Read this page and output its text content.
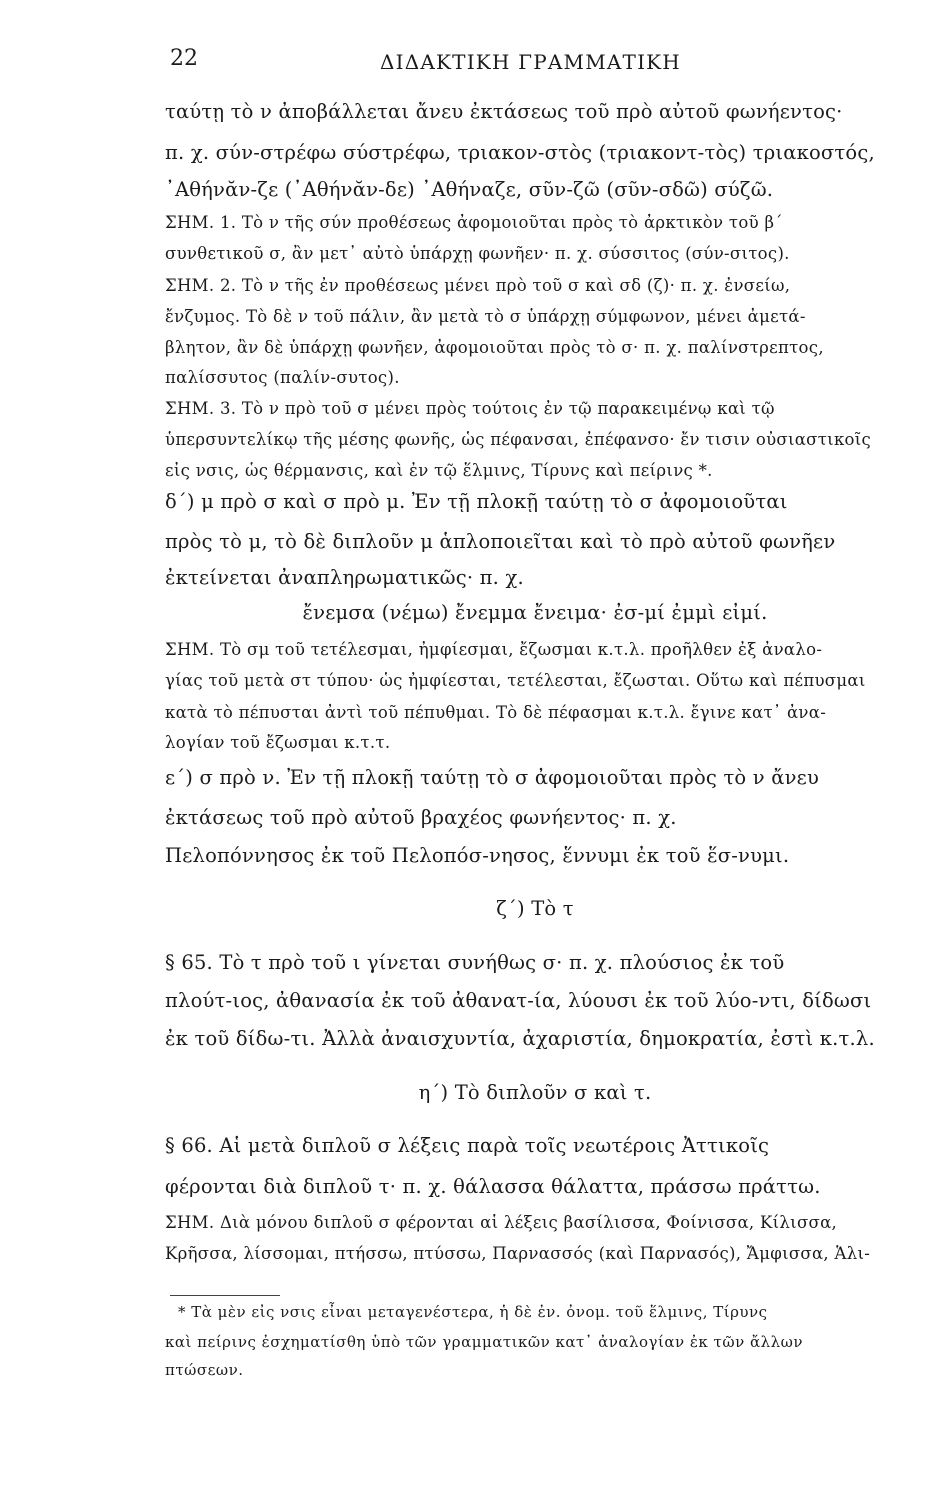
22	ΔΙΔΑΚΤΙΚΗ ΓΡΑΜΜΑΤΙΚΗ
ταύτῃ τὸ ν ἀποβάλλεται ἄνευ ἐκτάσεως τοῦ πρὸ αὐτοῦ φωνήεντος·
π. χ. σύν-στρέφω σύστρέφω, τριακον-στὸς (τριακοντ-τὸς) τριακοστός,
᾿Αθήνᾰν-ζε (᾿Αθήνᾰν-δε) ᾿Αθήναζε, σῦν-ζῶ (σῦν-σδῶ) σύζῶ.
ΣΗΜ. 1. Τὸ ν τῆς σύν προθέσεως ἀφομοιοῦται πρὸς τὸ ἀρκτικὸν τοῦ β΄
συνθετικοῦ σ, ἂν μετ᾿ αὐτὸ ὑπάρχῃ φωνῆεν· π. χ. σύσσιτος (σύν-σιτος).
ΣΗΜ. 2. Τὸ ν τῆς ἐν προθέσεως μένει πρὸ τοῦ σ καὶ σδ (ζ)· π. χ. ἐνσείω,
ἔνζυμος. Τὸ δὲ ν τοῦ πάλιν, ἂν μετὰ τὸ σ ὑπάρχῃ σύμφωνον, μένει ἀμετά-
βλητον, ἂν δὲ ὑπάρχῃ φωνῆεν, ἀφομοιοῦται πρὸς τὸ σ· π. χ. παλίνστρεπτος,
παλίσσυτος (παλίν-συτος).
ΣΗΜ. 3. Τὸ ν πρὸ τοῦ σ μένει πρὸς τούτοις ἐν τῷ παρακειμένῳ καὶ τῷ
ὑπερσυντελίκῳ τῆς μέσης φωνῆς, ὡς πέφανσαι, ἐπέφανσο· ἔν τισιν οὐσιαστικοῖς
εἰς νσις, ὡς θέρμανσις, καὶ ἐν τῷ ἕλμινς, Τίρυνς καὶ πείρινς *.
δ΄) μ πρὸ σ καὶ σ πρὸ μ. Ἐν τῇ πλοκῇ ταύτῃ τὸ σ ἀφομοιοῦται
πρὸς τὸ μ, τὸ δὲ διπλοῦν μ ἁπλοποιεῖται καὶ τὸ πρὸ αὐτοῦ φωνῆεν
ἐκτείνεται ἀναπληρωματικῶς· π. χ.
ἔνεμσα (νέμω) ἔνεμμα ἔνειμα· ἐσ-μί ἐμμὶ εἰμί.
ΣΗΜ. Τὸ σμ τοῦ τετέλεσμαι, ἠμφίεσμαι, ἔζωσμαι κ.τ.λ. προῆλθεν ἐξ ἀναλο-
γίας τοῦ μετὰ στ τύπου· ὡς ἠμφίεσται, τετέλεσται, ἔζωσται. Οὕτω καὶ πέπυσμαι
κατὰ τὸ πέπυσται ἀντὶ τοῦ πέπυθμαι. Τὸ δὲ πέφασμαι κ.τ.λ. ἔγινε κατ᾿ ἀνα-
λογίαν τοῦ ἔζωσμαι κ.τ.τ.
ε΄) σ πρὸ ν. Ἐν τῇ πλοκῇ ταύτῃ τὸ σ ἀφομοιοῦται πρὸς τὸ ν ἄνευ
ἐκτάσεως τοῦ πρὸ αὐτοῦ βραχέος φωνήεντος· π. χ.
Πελοπόννησος ἐκ τοῦ Πελοπόσ-νησος, ἕννυμι ἐκ τοῦ ἕσ-νυμι.
ζ΄) Τὸ τ
§ 65. Τὸ τ πρὸ τοῦ ι γίνεται συνήθως σ· π. χ. πλούσιος ἐκ τοῦ
πλούτ-ιος, ἀθανασία ἐκ τοῦ ἀθανατ-ία, λύουσι ἐκ τοῦ λύο-ντι, δίδωσι
ἐκ τοῦ δίδω-τι. Ἀλλὰ ἀναισχυντία, ἀχαριστία, δημοκρατία, ἐστὶ κ.τ.λ.
η΄) Τὸ διπλοῦν σ καὶ τ.
§ 66. Αἱ μετὰ διπλοῦ σ λέξεις παρὰ τοῖς νεωτέροις Ἀττικοῖς
φέρονται διὰ διπλοῦ τ· π. χ. θάλασσα θάλαττα, πράσσω πράττω.
ΣΗΜ. Διὰ μόνου διπλοῦ σ φέρονται αἱ λέξεις βασίλισσα, Φοίνισσα, Κίλισσα,
Κρῆσσα, λίσσομαι, πτήσσω, πτύσσω, Παρνασσός (καὶ Παρνασός), Ἄμφισσα, Ἁλι-
* Τὰ μὲν εἰς νσις εἶναι μεταγενέστερα, ἡ δὲ ἐν. ὀνομ. τοῦ ἕλμινς, Τίρυνς
καὶ πείρινς ἐσχηματίσθη ὑπὸ τῶν γραμματικῶν κατ᾿ ἀναλογίαν ἐκ τῶν ἄλλων
πτώσεων.
